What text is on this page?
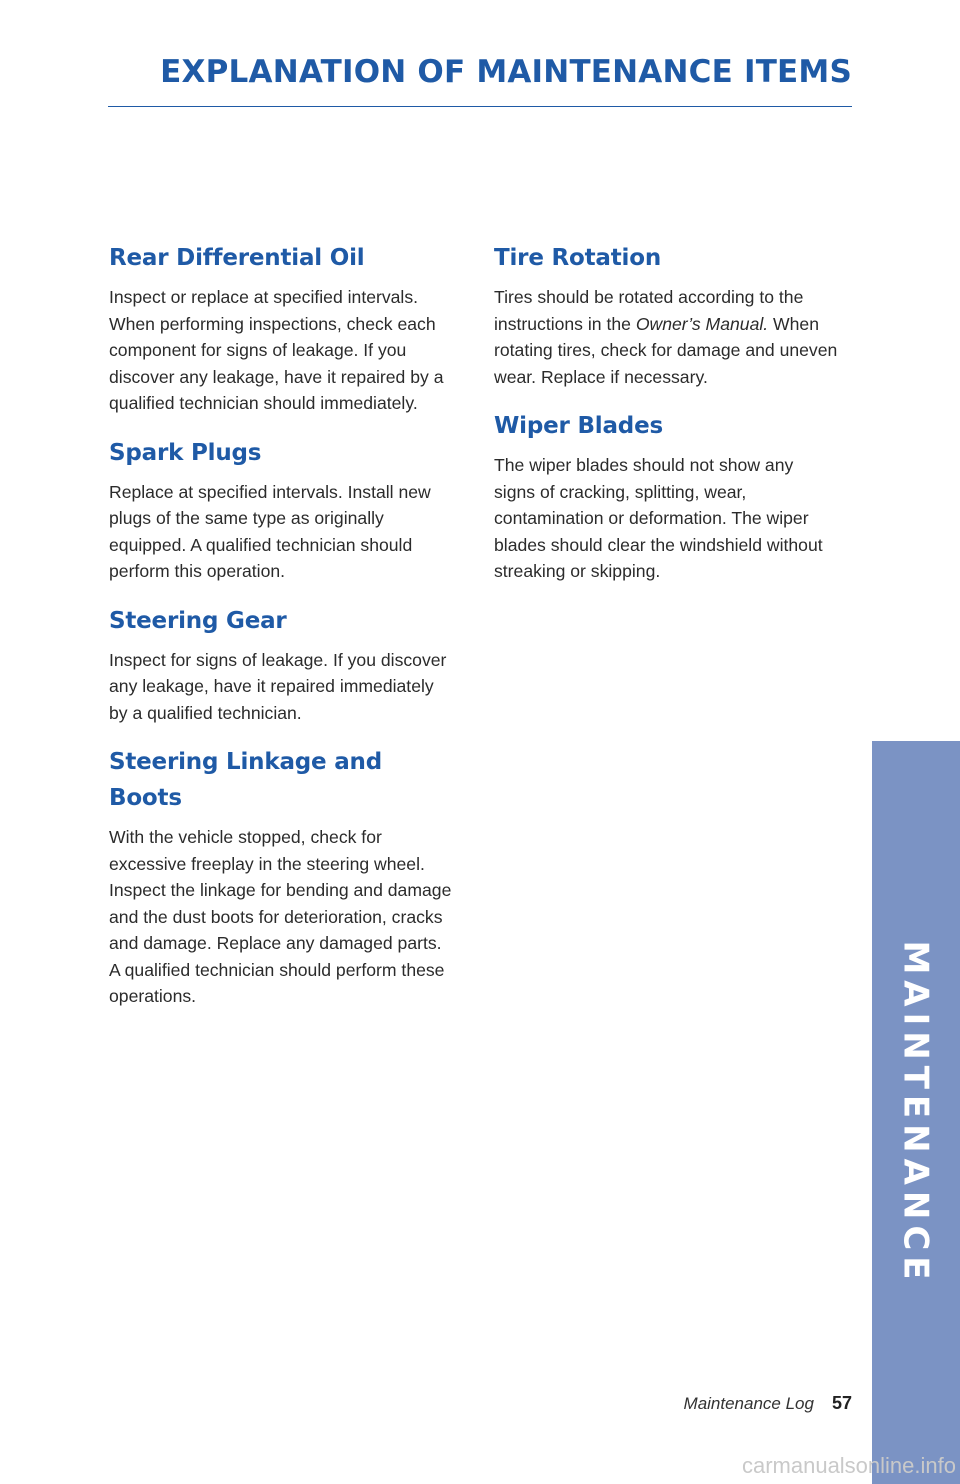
EXPLANATION OF MAINTENANCE ITEMS
Rear Differential Oil

Inspect or replace at specified intervals. When performing inspections, check each component for signs of leakage. If you discover any leakage, have it repaired by a qualified technician should immediately.

Spark Plugs

Replace at specified intervals. Install new plugs of the same type as originally equipped. A qualified technician should perform this operation.

Steering Gear

Inspect for signs of leakage. If you discover any leakage, have it repaired immediately by a qualified technician.

Steering Linkage and Boots

With the vehicle stopped, check for excessive freeplay in the steering wheel. Inspect the linkage for bending and damage and the dust boots for deterioration, cracks and damage. Replace any damaged parts. A qualified technician should perform these operations.

Tire Rotation

Tires should be rotated according to the instructions in the Owner’s Manual. When rotating tires, check for damage and uneven wear. Replace if necessary.

Wiper Blades

The wiper blades should not show any signs of cracking, splitting, wear, contamination or deformation. The wiper blades should clear the windshield without streaking or skipping.

MAINTENANCE
Maintenance Log 57
carmanualsonline.info
